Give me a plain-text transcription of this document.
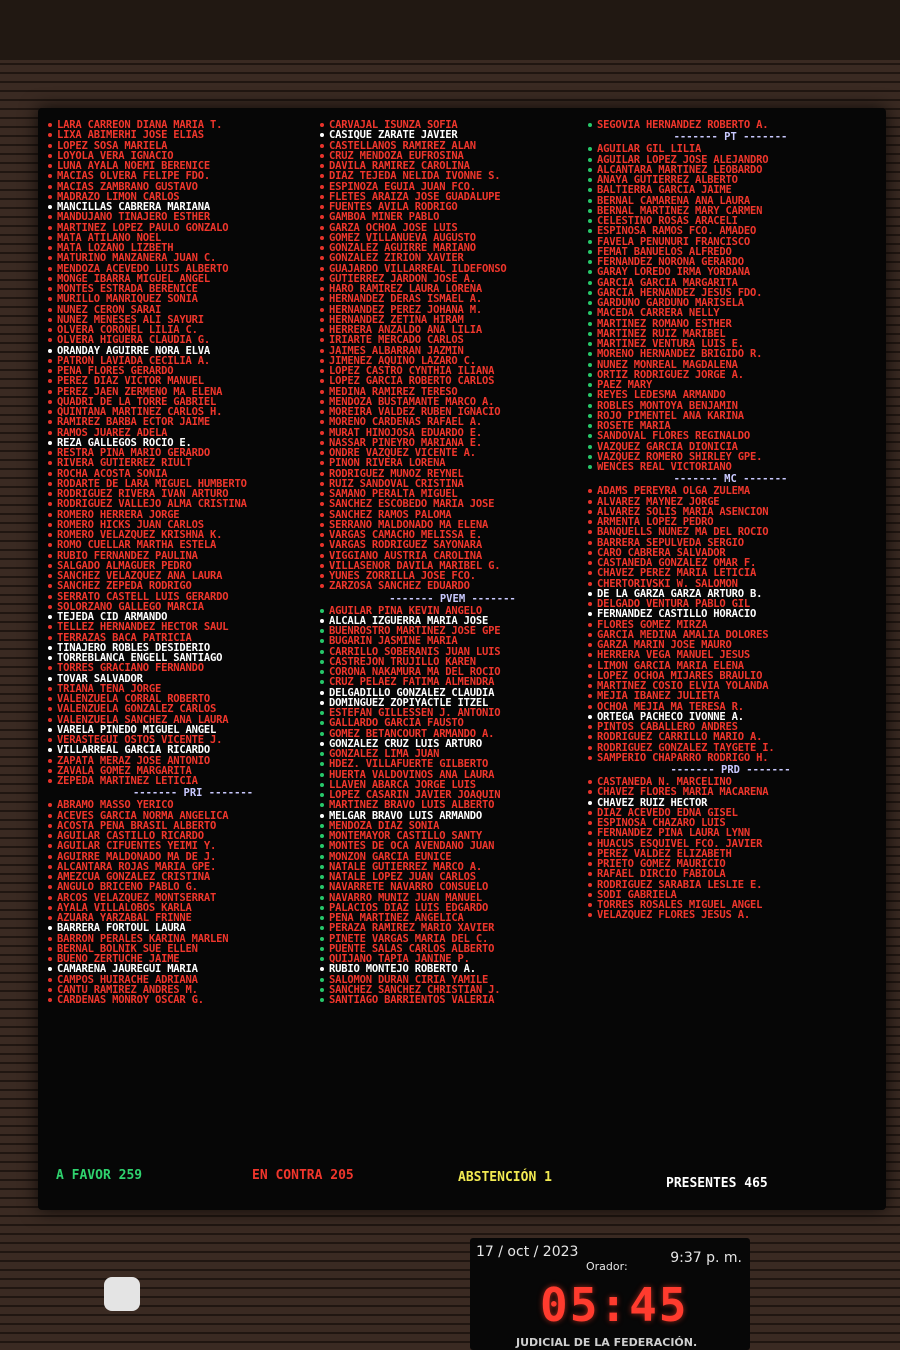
LARA CARREON DIANA MARÍA T.
LIXA ABIMERHI JOSÉ ELÍAS
LÓPEZ SOSA MARIELA
LOYOLA VERA IGNACIO
LUNA AYALA NOEMÍ BERENICE
MACÍAS OLVERA FELIPE FDO.
MACÍAS ZAMBRANO GUSTAVO
MADRAZO LIMÓN CARLOS
MANCILLAS CABRERA MARIANA
MANDUJANO TINAJERO ESTHER
MARTÍNEZ LÓPEZ PAULO GONZALO
MATA ATILANO NOEL
MATA LOZANO LIZBETH
MATURINO MANZANERA JUAN C.
MENDOZA ACEVEDO LUIS ALBERTO
MONGE IBARRA MIGUEL ÁNGEL
MONTES ESTRADA BERENICE
MURILLO MANRIQUEZ SONIA
NÚÑEZ CERÓN SARAÍ
NÚÑEZ MENESES ALI SAYURI
OLVERA CORONEL LILIA C.
OLVERA HIGUERA CLAUDIA G.
ORANDAY AGUIRRE NORA ELVA
PATRÓN LAVIADA CECILIA A.
PEÑA FLORES GERARDO
PÉREZ DÍAZ VÍCTOR MANUEL
PÉREZ JAÉN ZERMEÑO MA ELENA
QUADRI DE LA TORRE GABRIEL
QUINTANA MARTÍNEZ CARLOS H.
RAMÍREZ BARBA ECTOR JAIME
RAMOS JUÁREZ ADELA
REZA GALLEGOS ROCÍO E.
RESTRA PIÑA MARIO GERARDO
RIVERA GUTIÉRREZ RIULT
ROCHA ACOSTA SONIA
RODARTE DE LARA MIGUEL HUMBERTO
RODRÍGUEZ RIVERA IVÁN ARTURO
RODRÍGUEZ VALLEJO ALMA CRISTINA
ROMERO HERRERA JORGE
ROMERO HICKS JUAN CARLOS
ROMERO VELÁZQUEZ KRISHNA K.
ROMO CUELLAR MARTHA ESTELA
RUBIO FERNÁNDEZ PAULINA
SALGADO ALMAGUER PEDRO
SÁNCHEZ VELÁZQUEZ ANA LAURA
SÁNCHEZ ZEPEDA RODRIGO
SERRATO CASTELL LUIS GERARDO
SOLÓRZANO GALLEGO MARCIA
TEJEDA CID ARMANDO
TÉLLEZ HERNÁNDEZ HÉCTOR SAÚL
TERRAZAS BACA PATRICIA
TINAJERO ROBLES DESIDERIO
TORREBLANCA ENGELL SANTIAGO
TORRES GRACIANO FERNANDO
TOVAR SALVADOR
TRIANA TENA JORGE
VALENZUELA CORRAL ROBERTO
VALENZUELA GONZÁLEZ CARLOS
VALENZUELA SÁNCHEZ ANA LAURA
VARELA PINEDO MIGUEL ÁNGEL
VERÁSTEGUI OSTOS VICENTE J.
VILLARREAL GARCÍA RICARDO
ZAPATA MERAZ JOSÉ ANTONIO
ZAVALA GÓMEZ MARGARITA
ZEPEDA MARTÍNEZ LETICIA
------- PRI -------
ABRAMO MASSO YERICÓ
ACEVES GARCÍA NORMA ANGÉLICA
ACOSTA PEÑA BRASIL ALBERTO
AGUILAR CASTILLO RICARDO
AGUILAR CIFUENTES YEIMI Y.
AGUIRRE MALDONADO MA DE J.
ALCÁNTARA ROJAS MARÍA GPE.
AMEZCUA GONZÁLEZ CRISTINA
ANGULO BRICEÑO PABLO G.
ARCOS VELÁZQUEZ MONTSERRAT
AYALA VILLALOBOS KARLA
AZUARA YARZÁBAL FRINNÉ
BARRERA FORTOUL LAURA
BARRÓN PERALES KARINA MARLEN
BERNAL BOLNIK SUE ELLEN
BUENO ZERTUCHE JAIME
CAMARENA JÁUREGUI MARÍA
CAMPOS HUIRACHE ADRIANA
CANTÚ RAMÍREZ ANDRÉS M.
CÁRDENAS MONROY OSCAR G.
CARVAJAL ISUNZA SOFÍA
CASIQUE ZÁRATE JAVIER
CASTELLANOS RAMÍREZ ALAN
CRUZ MENDOZA EUFROSINA
DÁVILA RAMÍREZ CAROLINA
DÍAZ TEJEDA NÉLIDA IVONNE S.
ESPINOZA EGUIA JUAN FCO.
FLETES ARAIZA JOSÉ GUADALUPE
FUENTES ÁVILA RODRIGO
GAMBOA MINER PABLO
GARZA OCHOA JOSÉ LUIS
GÓMEZ VILLANUEVA AUGUSTO
GONZÁLEZ AGUIRRE MARIANO
GONZÁLEZ ZIRIÓN XAVIER
GUAJARDO VILLARREAL ILDEFONSO
GUTIÉRREZ JARDÓN JOSÉ A.
HARO RAMÍREZ LAURA LORENA
HERNÁNDEZ DERAS ISMAEL A.
HERNÁNDEZ PÉREZ JOHANA M.
HERNÁNDEZ ZETINA HIRAM
HERRERA ANZALDO ANA LILIA
IRIARTE MERCADO CARLOS
JAIMES ALBARRÁN JAZMÍN
JIMÉNEZ AQUINO LÁZARO C.
LÓPEZ CASTRO CYNTHIA ILIANA
LÓPEZ GARCÍA ROBERTO CARLOS
MEDINA RAMÍREZ TERESO
MENDOZA BUSTAMANTE MARCO A.
MOREIRA VALDEZ RUBÉN IGNACIO
MORENO CÁRDENAS RAFAEL A.
MURAT HINOJOSA EDUARDO E.
NASSAR PIÑEYRO MARIANA E.
ONDRÉ VÁZQUEZ VICENTE A.
PIÑÓN RIVERA LORENA
RODRÍGUEZ MUÑOZ REYNEL
RUIZ SANDOVAL CRISTINA
SAMANO PERALTA MIGUEL
SÁNCHEZ ESCOBEDO MARÍA JOSÉ
SÁNCHEZ RAMOS PALOMA
SERRANO MALDONADO MA ELENA
VARGAS CAMACHO MELISSA E.
VARGAS RODRÍGUEZ SAYONARA
VIGGIANO AUSTRIA CAROLINA
VILLASEÑOR DÁVILA MARIBEL G.
YUNES ZORRILLA JOSÉ FCO.
ZARZOSA SÁNCHEZ EDUARDO
------- PVEM -------
AGUILAR PIÑA KEVIN ÁNGELO
ALCALÁ IZGUERRA MARÍA JOSÉ
BUENROSTRO MARTÍNEZ JOSÉ GPE
BUGARÍN JASMINE MARÍA
CARRILLO SOBERANIS JUAN LUIS
CASTREJÓN TRUJILLO KAREN
CORONA NAKAMURA MA DEL ROCÍO
CRUZ PELÁEZ FÁTIMA ALMENDRA
DELGADILLO GONZÁLEZ CLAUDIA
DOMÍNGUEZ ZOPIYACTLE ITZEL
ESTEFAN GILLESSEN J. ANTONIO
GALLARDO GARCÍA FAUSTO
GÓMEZ BETANCOURT ARMANDO A.
GONZÁLEZ CRUZ LUIS ARTURO
GONZÁLEZ LIMA JUAN
HDEZ. VILLAFUERTE GILBERTO
HUERTA VALDOVINOS ANA LAURA
LLAVEN ABARCA JORGE LUIS
LÓPEZ CASARÍN JAVIER JOAQUÍN
MARTÍNEZ BRAVO LUIS ALBERTO
MELGAR BRAVO LUIS ARMANDO
MENDOZA DÍAZ SONIA
MONTEMAYOR CASTILLO SANTY
MONTES DE OCA AVENDAÑO JUAN
MONZÓN GARCÍA EUNICE
NATALE GUTIÉRREZ MARCO A.
NATALE LÓPEZ JUAN CARLOS
NAVARRETE NAVARRO CONSUELO
NAVARRO MUÑIZ JUAN MANUEL
PALACIOS DÍAZ LUIS EDGARDO
PEÑA MARTÍNEZ ANGÉLICA
PERAZA RAMÍREZ MARIO XAVIER
PINETE VARGAS MARÍA DEL C.
PUENTE SALAS CARLOS ALBERTO
QUIJANO TAPIA JANINE P.
RUBIO MONTEJO ROBERTO A.
SALOMÓN DURÁN CIRIA YAMILE
SÁNCHEZ SÁNCHEZ CHRISTIAN J.
SANTIAGO BARRIENTOS VALERIA
SEGOVIA HERNÁNDEZ ROBERTO A.
------- PT -------
AGUILAR GIL LILIA
AGUILAR LÓPEZ JOSÉ ALEJANDRO
ALCÁNTARA MARTÍNEZ LEOBARDO
ANAYA GUTIÉRREZ ALBERTO
BALTIERRA GARCÍA JAIME
BERNAL CAMARENA ANA LAURA
BERNAL MARTÍNEZ MARY CARMEN
CELESTINO ROSAS ARACELI
ESPINOSA RAMOS FCO. AMADEO
FAVELA PEÑUÑURI FRANCISCO
FEMAT BAÑUELOS ALFREDO
FERNÁNDEZ NOROÑA GERARDO
GARAY LOREDO IRMA YORDANA
GARCÍA GARCÍA MARGARITA
GARCÍA HERNÁNDEZ JESÚS FDO.
GARDUÑO GARDUÑO MARISELA
MACEDA CARRERA NELLY
MARTÍNEZ ROMANO ESTHER
MARTÍNEZ RUIZ MARIBEL
MARTÍNEZ VENTURA LUIS E.
MORENO HERNÁNDEZ BRIGIDO R.
NÚÑEZ MONREAL MAGDALENA
ORTIZ RODRÍGUEZ JORGE A.
PÁEZ MARY
REYES LEDESMA ARMANDO
ROBLES MONTOYA BENJAMÍN
ROJO PIMENTEL ANA KARINA
ROSETE MARÍA
SANDOVAL FLORES REGINALDO
VÁZQUEZ GARCÍA DIONICIA
VÁZQUEZ ROMERO SHIRLEY GPE.
WENCES REAL VICTORIANO
------- MC -------
ADAMS PEREYRA OLGA ZULEMA
ÁLVAREZ MÁYNEZ JORGE
ÁLVAREZ SOLÍS MARÍA ASENCIÓN
ARMENTA LÓPEZ PEDRO
BANQUELLS NÚÑEZ MA DEL ROCÍO
BARRERA SEPÚLVEDA SERGIO
CARO CABRERA SALVADOR
CASTAÑEDA GONZÁLEZ OMAR F.
CHÁVEZ PÉREZ MARÍA LETICIA
CHERTORIVSKI W. SALOMÓN
DE LA GARZA GARZA ARTURO B.
DELGADO VENTURA PABLO GIL
FERNÁNDEZ CASTILLO HORACIO
FLORES GÓMEZ MIRZA
GARCÍA MEDINA AMALIA DOLORES
GARZA MARÍN JOSÉ MAURO
HERRERA VEGA MANUEL JESÚS
LIMÓN GARCÍA MARÍA ELENA
LÓPEZ OCHOA MIJARES BRAULIO
MARTÍNEZ COSÍO ELVIA YOLANDA
MEJÍA IBÁÑEZ JULIETA
OCHOA MEJÍA MA TERESA R.
ORTEGA PACHECO IVONNE A.
PINTOS CABALLERO ANDRÉS
RODRÍGUEZ CARRILLO MARIO A.
RODRÍGUEZ GONZÁLEZ TAYGETE I.
SAMPERIO CHAPARRO RODRIGO H.
------- PRD -------
CASTAÑEDA N. MARCELINO
CHÁVEZ FLORES MARÍA MACARENA
CHÁVEZ RUIZ HÉCTOR
DÍAZ ACEVEDO EDNA GISEL
ESPINOSA CHAZARO LUIS
FERNÁNDEZ PIÑA LAURA LYNN
HUACUS ESQUIVEL FCO. JAVIER
PÉREZ VALDEZ ELIZABETH
PRIETO GÓMEZ MAURICIO
RAFAEL DIRCIO FABIOLA
RODRÍGUEZ SARABIA LESLIE E.
SODI GABRIELA
TORRES ROSALES MIGUEL ÁNGEL
VELÁZQUEZ FLORES JESÚS A.
A FAVOR 259	EN CONTRA 205	ABSTENCIÓN 1	PRESENTES 465
17 / oct / 2023	9:37 p. m.
Orador:
05:45
JUDICIAL DE LA FEDERACIÓN.
